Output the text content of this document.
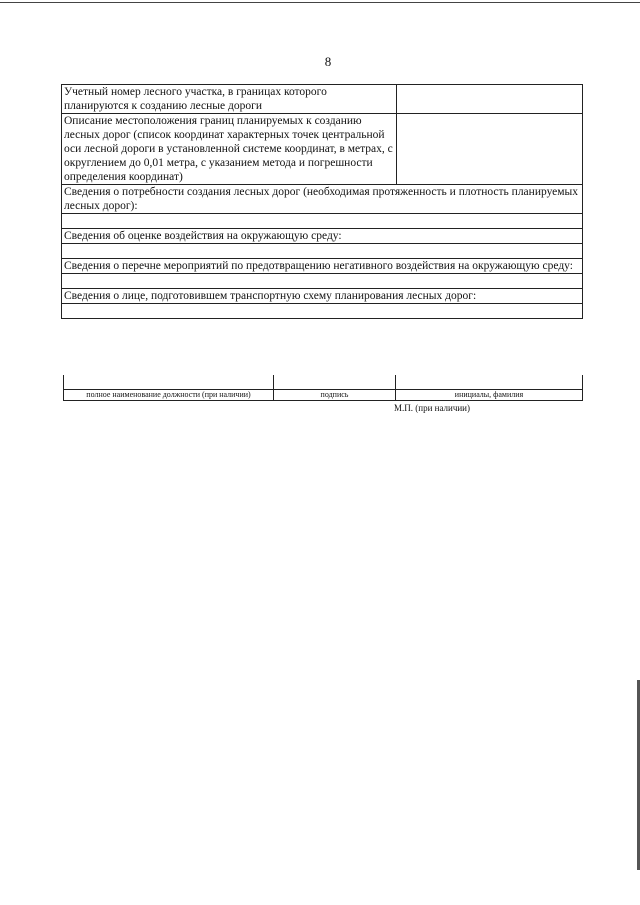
8
Учетный номер лесного участка, в границах которого планируются к созданию лесные дороги	
Описание местоположения границ планируемых к созданию лесных дорог (список координат характерных точек центральной оси лесной дороги в установленной системе координат, в метрах, с округлением до 0,01 метра, с указанием метода и погрешности определения координат)	
Сведения о потребности создания лесных дорог (необходимая протяженность и плотность планируемых лесных дорог):	

Сведения об оценке воздействия на окружающую среду:	

Сведения о перечне мероприятий по предотвращению негативного воздействия на окружающую среду:	

Сведения о лице, подготовившем транспортную схему планирования лесных дорог:	

полное наименование должности (при наличии)	подпись	инициалы, фамилия
М.П. (при наличии)
